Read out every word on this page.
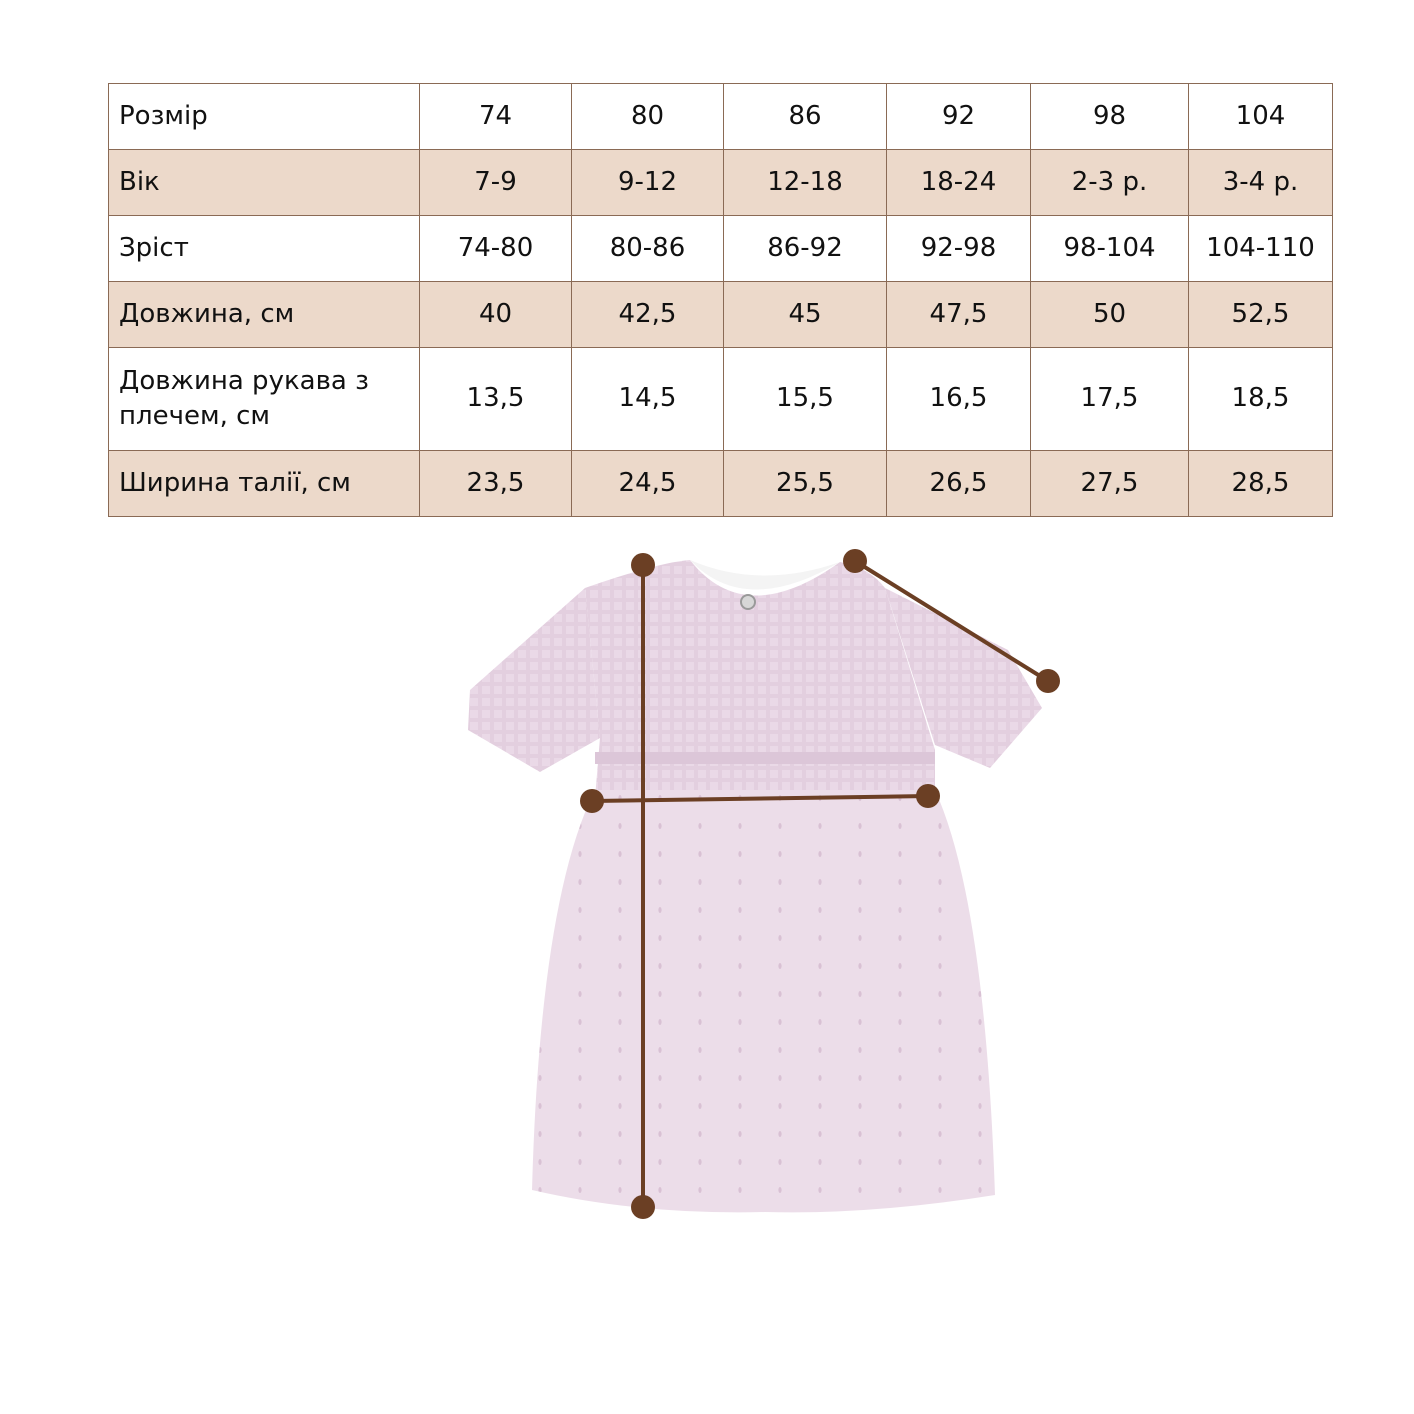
Розмір	74	80	86	92	98	104
Вік	7-9	9-12	12-18	18-24	2-3 р.	3-4 р.
Зріст	74-80	80-86	86-92	92-98	98-104	104-110
Довжина, см	40	42,5	45	47,5	50	52,5
Довжина рукава з плечем, см	13,5	14,5	15,5	16,5	17,5	18,5
Ширина талії, см	23,5	24,5	25,5	26,5	27,5	28,5
